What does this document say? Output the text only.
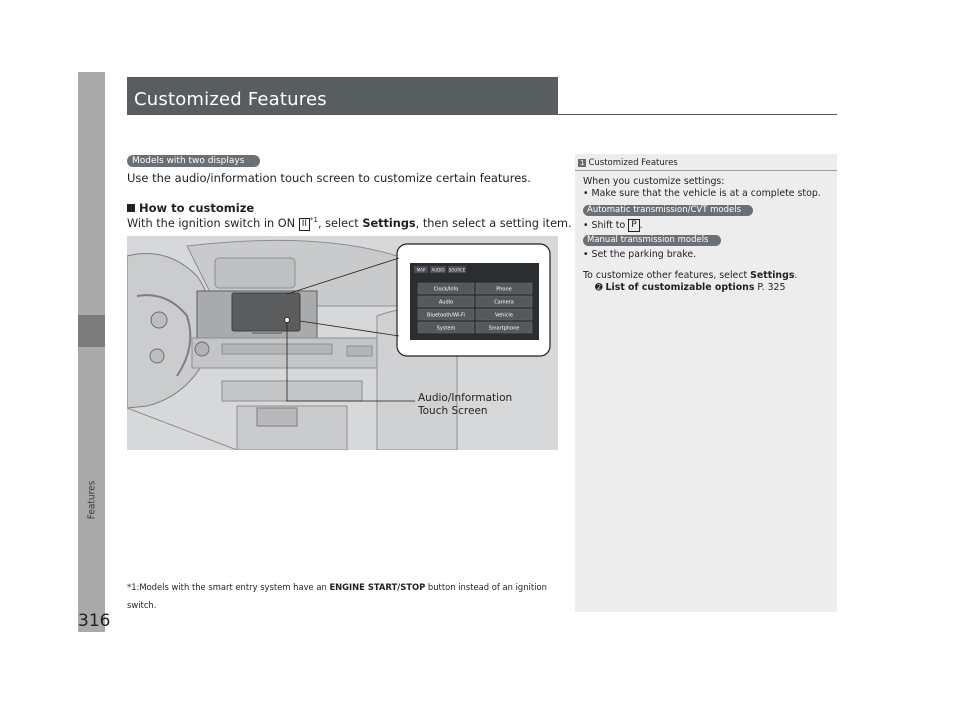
Features
316
Customized Features
Models with two displays
Use the audio/information touch screen to customize certain features.
How to customize
With the ignition switch in ON II $^{*1}$, select Settings, then select a setting item.
MAP AUDIO SOURCE
Clock/Info	Phone
Audio	Camera
Bluetooth/Wi-Fi	Vehicle
System	Smartphone
Audio/Information
Touch Screen
*1:Models with the smart entry system have an ENGINE START/STOP button instead of an ignition switch.
1 Customized Features
When you customize settings:
• Make sure that the vehicle is at a complete stop.
Automatic transmission/CVT models
• Shift to P .
Manual transmission models
• Set the parking brake.
To customize other features, select Settings.
➋ List of customizable options P. 325
